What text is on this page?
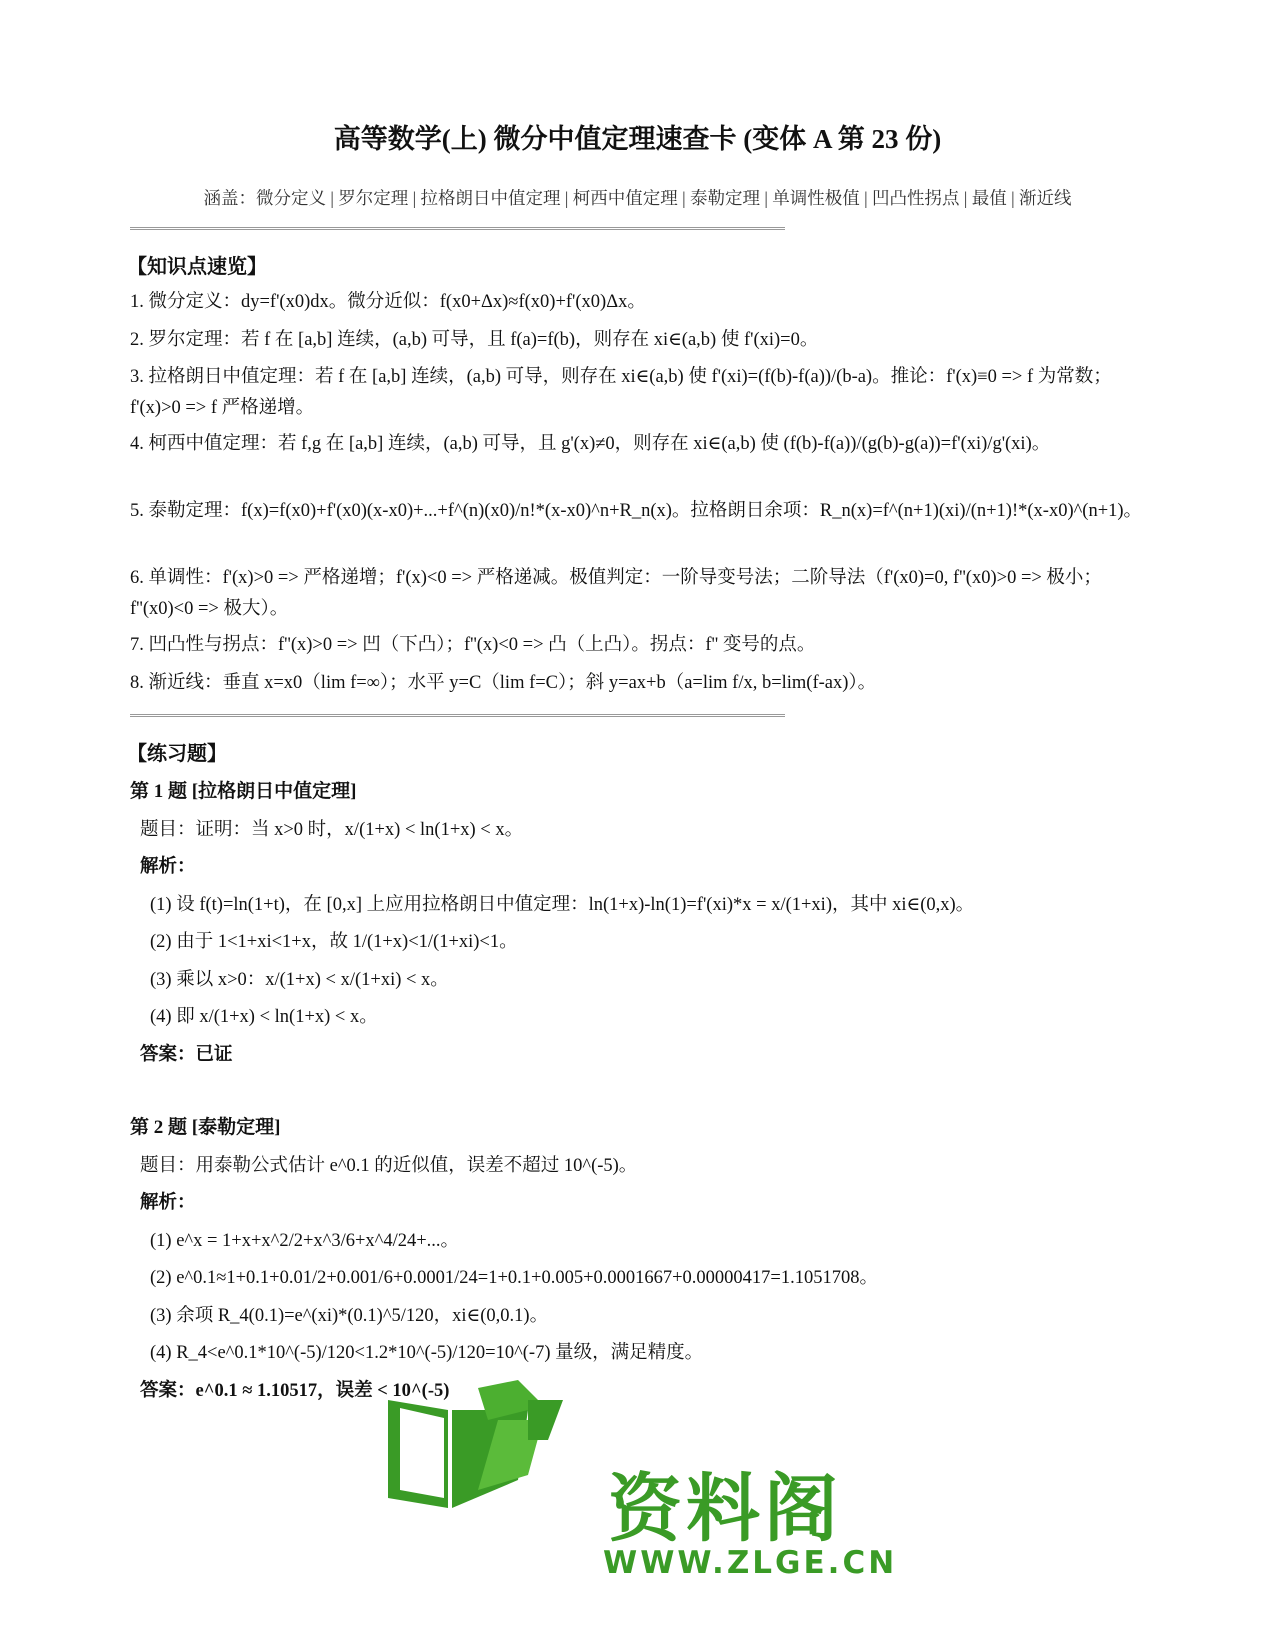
高等数学(上) 微分中值定理速查卡 (变体 A 第 23 份)
涵盖：微分定义 | 罗尔定理 | 拉格朗日中值定理 | 柯西中值定理 | 泰勒定理 | 单调性极值 | 凹凸性拐点 | 最值 | 渐近线
【知识点速览】
1. 微分定义：dy=f'(x0)dx。微分近似：f(x0+Δx)≈f(x0)+f'(x0)Δx。
2. 罗尔定理：若 f 在 [a,b] 连续，(a,b) 可导，且 f(a)=f(b)，则存在 xi∈(a,b) 使 f'(xi)=0。
3. 拉格朗日中值定理：若 f 在 [a,b] 连续，(a,b) 可导，则存在 xi∈(a,b) 使 f'(xi)=(f(b)-f(a))/(b-a)。推论：f'(x)≡0 => f 为常数；f'(x)>0 => f 严格递增。
4. 柯西中值定理：若 f,g 在 [a,b] 连续，(a,b) 可导，且 g'(x)≠0，则存在 xi∈(a,b) 使 (f(b)-f(a))/(g(b)-g(a))=f'(xi)/g'(xi)。
5. 泰勒定理：f(x)=f(x0)+f'(x0)(x-x0)+...+f^(n)(x0)/n!*(x-x0)^n+R_n(x)。拉格朗日余项：R_n(x)=f^(n+1)(xi)/(n+1)!*(x-x0)^(n+1)。
6. 单调性：f'(x)>0 => 严格递增；f'(x)<0 => 严格递减。极值判定：一阶导变号法；二阶导法（f'(x0)=0, f''(x0)>0 => 极小；f''(x0)<0 => 极大）。
7. 凹凸性与拐点：f''(x)>0 => 凹（下凸）；f''(x)<0 => 凸（上凸）。拐点：f'' 变号的点。
8. 渐近线：垂直 x=x0（lim f=∞）；水平 y=C（lim f=C）；斜 y=ax+b（a=lim f/x, b=lim(f-ax)）。
【练习题】
第 1 题 [拉格朗日中值定理]
题目：证明：当 x>0 时，x/(1+x) < ln(1+x) < x。
解析：
(1) 设 f(t)=ln(1+t)，在 [0,x] 上应用拉格朗日中值定理：ln(1+x)-ln(1)=f'(xi)*x = x/(1+xi)，其中 xi∈(0,x)。
(2) 由于 1<1+xi<1+x，故 1/(1+x)<1/(1+xi)<1。
(3) 乘以 x>0：x/(1+x) < x/(1+xi) < x。
(4) 即 x/(1+x) < ln(1+x) < x。
答案：已证
第 2 题 [泰勒定理]
题目：用泰勒公式估计 e^0.1 的近似值，误差不超过 10^(-5)。
解析：
(1) e^x = 1+x+x^2/2+x^3/6+x^4/24+...。
(2) e^0.1≈1+0.1+0.01/2+0.001/6+0.0001/24=1+0.1+0.005+0.0001667+0.00000417=1.1051708。
(3) 余项 R_4(0.1)=e^(xi)*(0.1)^5/120，xi∈(0,0.1)。
(4) R_4<e^0.1*10^(-5)/120<1.2*10^(-5)/120=10^(-7) 量级，满足精度。
答案：e^0.1 ≈ 1.10517，误差 < 10^(-5)
资料阁
WWW.ZLGE.CN
